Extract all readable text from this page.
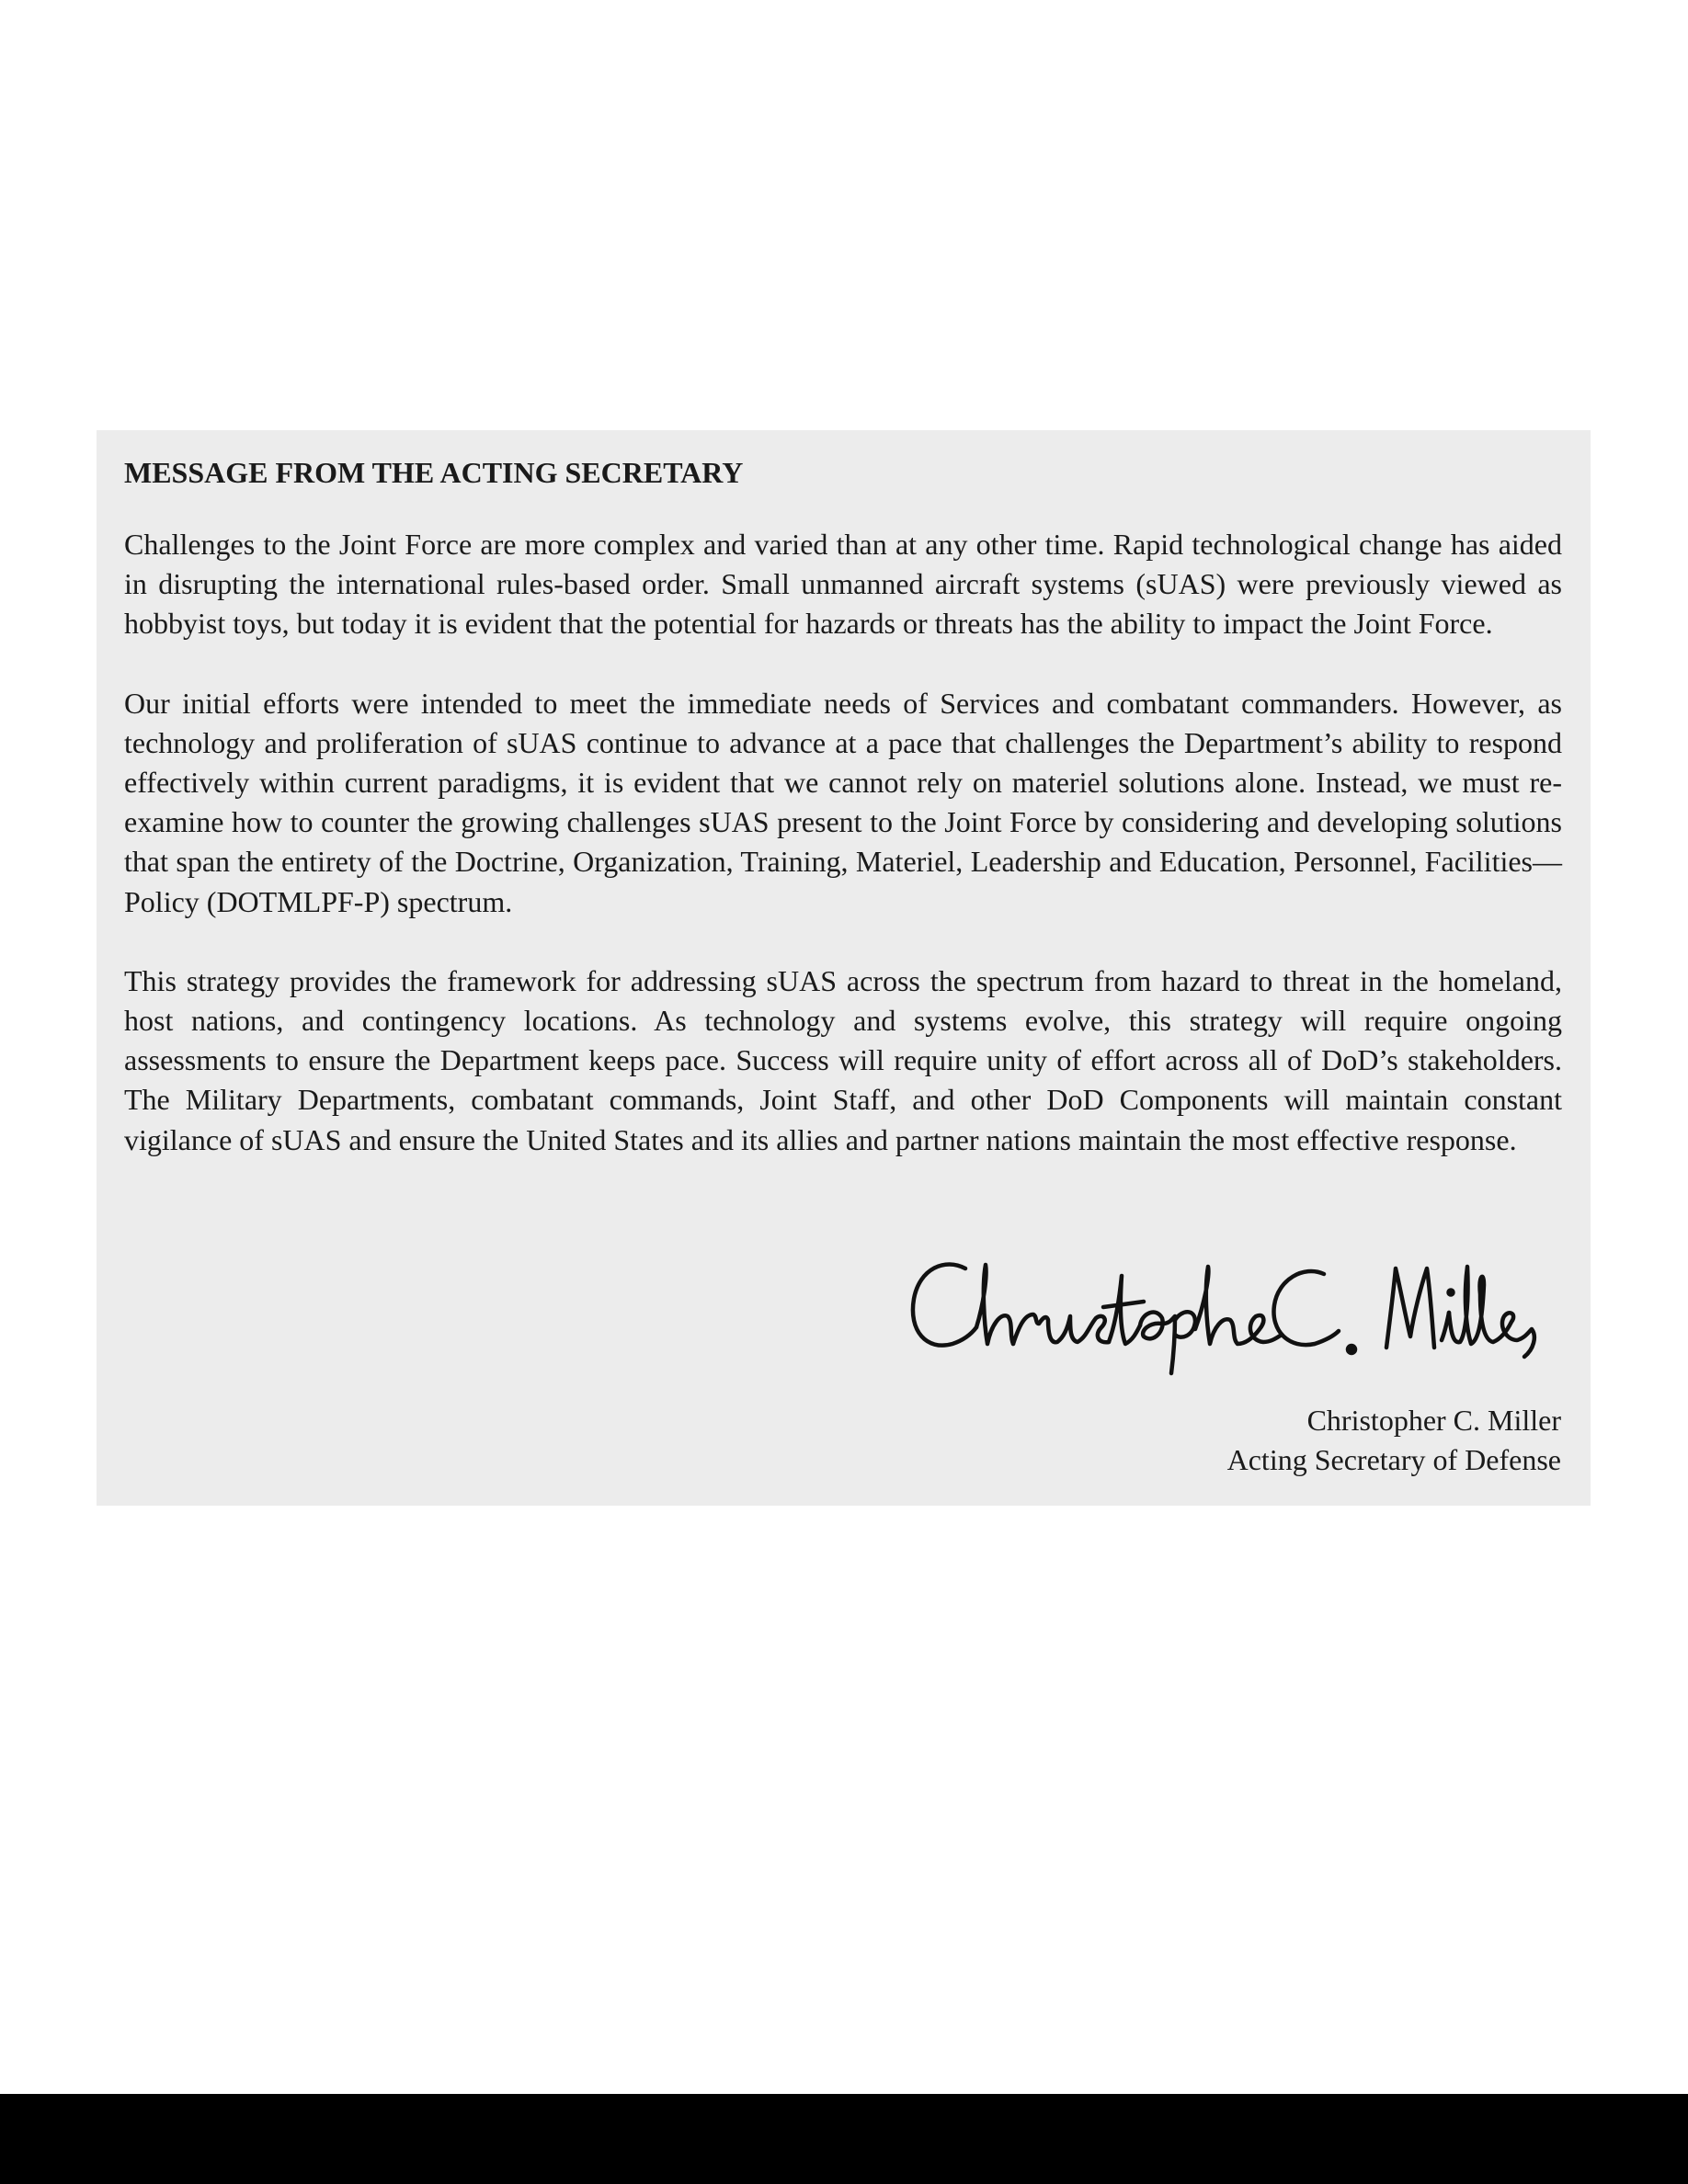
MESSAGE FROM THE ACTING SECRETARY

Challenges to the Joint Force are more complex and varied than at any other time. Rapid technological change has aided in disrupting the international rules-based order. Small unmanned aircraft systems (sUAS) were previously viewed as hobbyist toys, but today it is evident that the potential for hazards or threats has the ability to impact the Joint Force.

Our initial efforts were intended to meet the immediate needs of Services and combatant commanders. However, as technology and proliferation of sUAS continue to advance at a pace that challenges the Department’s ability to respond effectively within current paradigms, it is evident that we cannot rely on materiel solutions alone. Instead, we must re-examine how to counter the growing challenges sUAS present to the Joint Force by considering and developing solutions that span the entirety of the Doctrine, Organization, Training, Materiel, Leadership and Education, Personnel, Facilities—Policy (DOTMLPF-P) spectrum.

This strategy provides the framework for addressing sUAS across the spectrum from hazard to threat in the homeland, host nations, and contingency locations. As technology and systems evolve, this strategy will require ongoing assessments to ensure the Department keeps pace. Success will require unity of effort across all of DoD’s stakeholders. The Military Departments, combatant commands, Joint Staff, and other DoD Components will maintain constant vigilance of sUAS and ensure the United States and its allies and partner nations maintain the most effective response.

Christopher C. Miller
Acting Secretary of Defense
